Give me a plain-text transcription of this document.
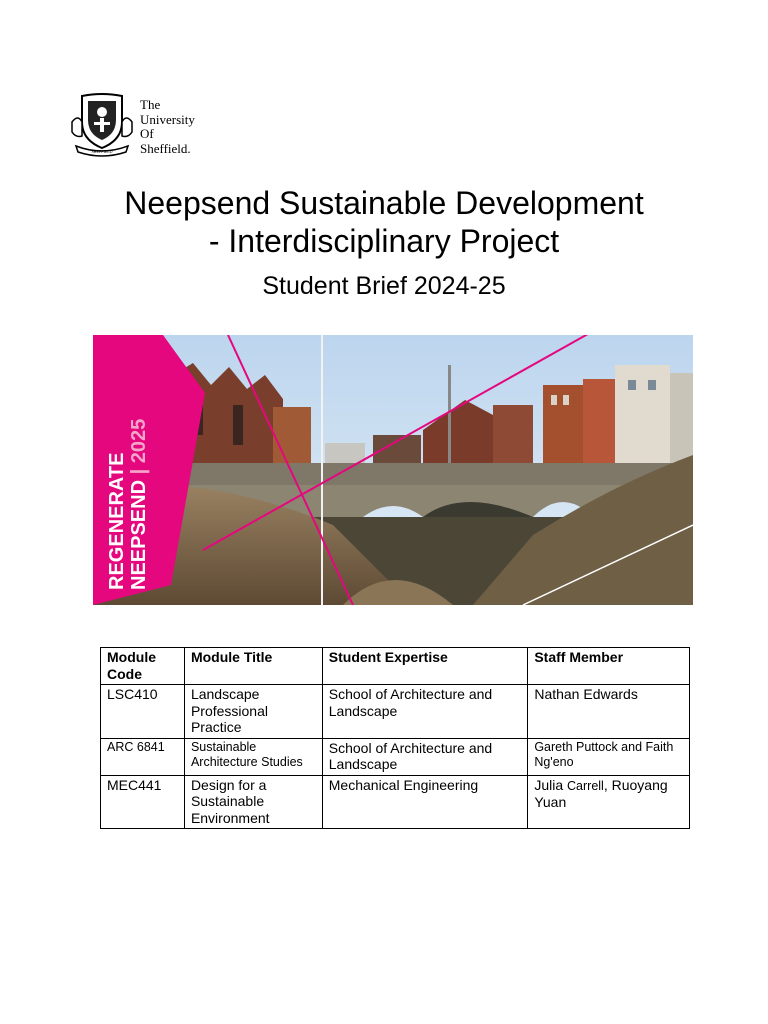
SHEFFIELD
The
University
Of
Sheffield.
Neepsend Sustainable Development
- Interdisciplinary Project
Student Brief 2024-25
REGENERATE NEEPSEND | 2025
Module Code	Module Title	Student Expertise	Staff Member
LSC410	Landscape Professional Practice	School of Architecture and Landscape	Nathan Edwards
ARC 6841	Sustainable Architecture Studies	School of Architecture and Landscape	Gareth Puttock and Faith Ng'eno
MEC441	Design for a Sustainable Environment	Mechanical Engineering	Julia Carrell, Ruoyang Yuan
